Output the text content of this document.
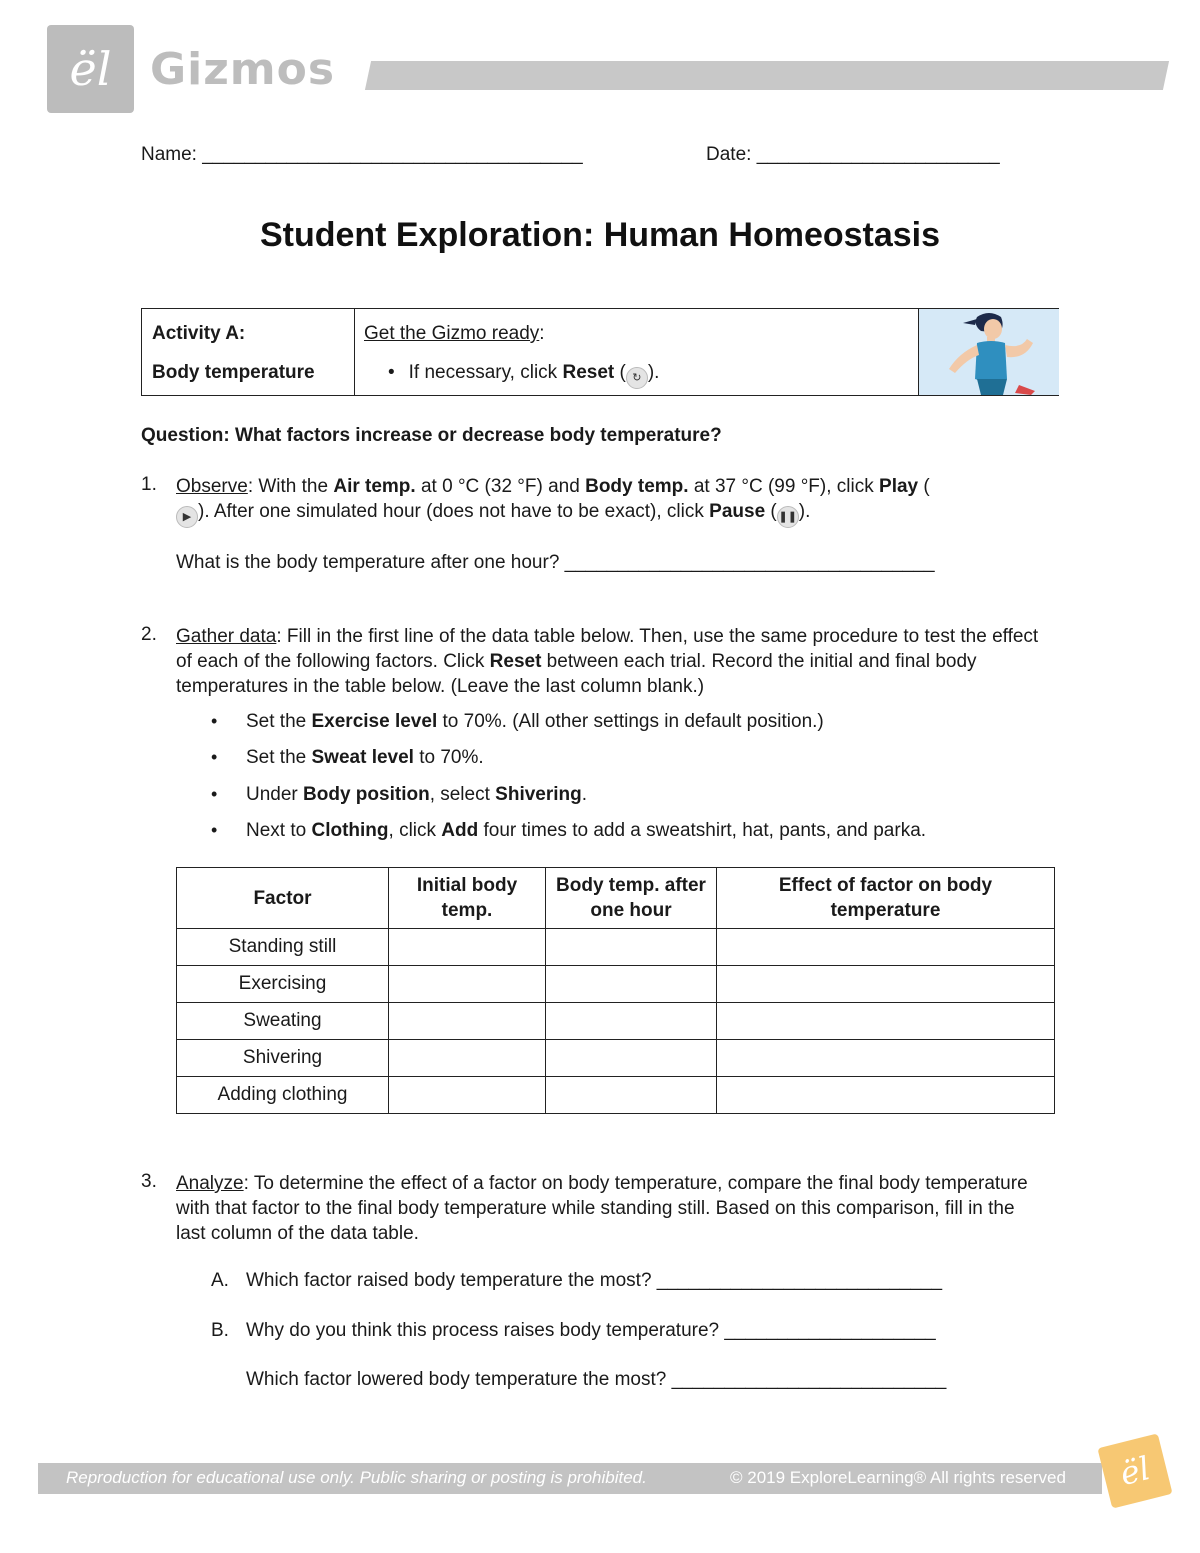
ël Gizmos
Name: ____________________________________	Date: _______________________
Student Exploration: Human Homeostasis
Activity A:
Body temperature
Get the Gizmo ready:
• If necessary, click Reset ( ↻ ).
Question: What factors increase or decrease body temperature?
1. Observe: With the Air temp. at 0 °C (32 °F) and Body temp. at 37 °C (99 °F), click Play (
▶ ). After one simulated hour (does not have to be exact), click Pause ( ❚❚).
What is the body temperature after one hour? ___________________________________
2. Gather data: Fill in the first line of the data table below. Then, use the same procedure to test the effect of each of the following factors. Click Reset between each trial. Record the initial and final body temperatures in the table below. (Leave the last column blank.)
• Set the Exercise level to 70%. (All other settings in default position.)
• Set the Sweat level to 70%.
• Under Body position, select Shivering.
• Next to Clothing, click Add four times to add a sweatshirt, hat, pants, and parka.
Factor	Initial body temp.	Body temp. after one hour	Effect of factor on body temperature
Standing still			
Exercising			
Sweating			
Shivering			
Adding clothing			
3. Analyze: To determine the effect of a factor on body temperature, compare the final body temperature with that factor to the final body temperature while standing still. Based on this comparison, fill in the last column of the data table.
A. Which factor raised body temperature the most? ___________________________
B. Why do you think this process raises body temperature? ____________________
Which factor lowered body temperature the most? __________________________
Reproduction for educational use only. Public sharing or posting is prohibited.	© 2019 ExploreLearning® All rights reserved	ël
